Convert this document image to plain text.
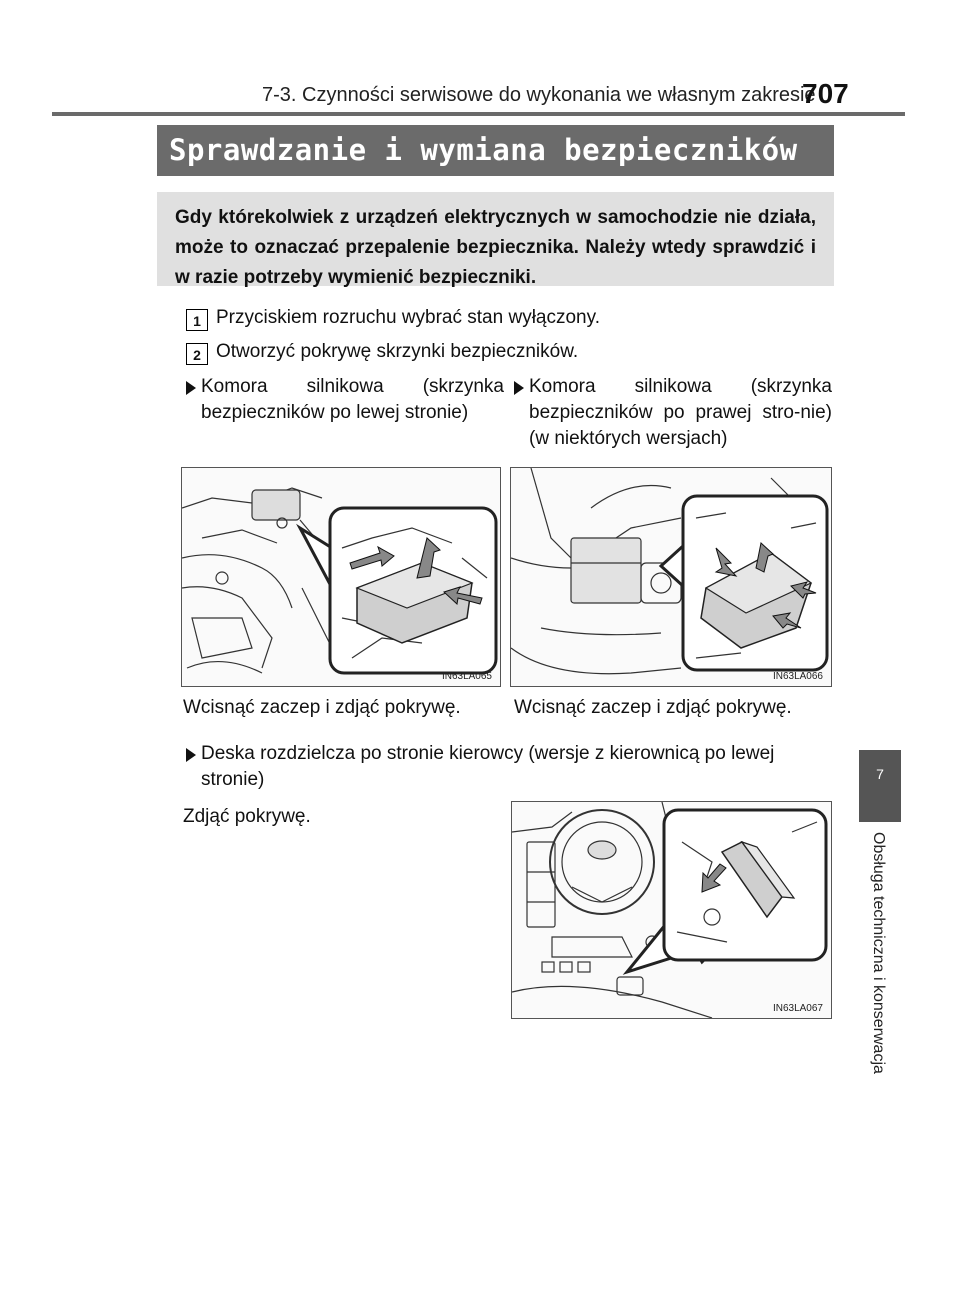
7-3. Czynności serwisowe do wykonania we własnym zakresie
707
7
Obsługa techniczna i konserwacja
Sprawdzanie i wymiana bezpieczników
Gdy którekolwiek z urządzeń elektrycznych w samochodzie nie działa, może to oznaczać przepalenie bezpiecznika. Należy wtedy sprawdzić i w razie potrzeby wymienić bezpieczniki.
1 Przyciskiem rozruchu wybrać stan wyłączony.
2 Otworzyć pokrywę skrzynki bezpieczników.
Komora silnikowa (skrzynka bezpieczników po lewej stronie)
Komora silnikowa (skrzynka bezpieczników po prawej stro-nie) (w niektórych wersjach)
IN63LA065	IN63LA066
Wcisnąć zaczep i zdjąć pokrywę.	Wcisnąć zaczep i zdjąć pokrywę.
Deska rozdzielcza po stronie kierowcy (wersje z kierownicą po lewej stronie)
Zdjąć pokrywę.
IN63LA067
